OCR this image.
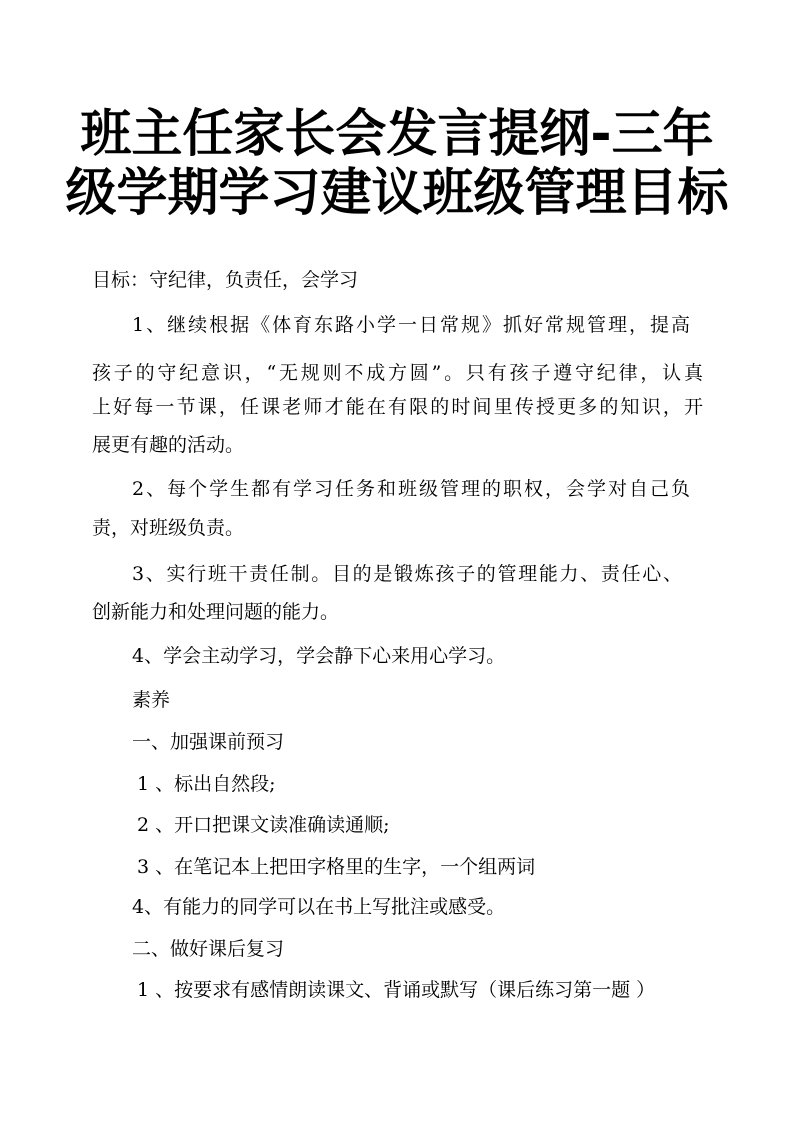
班主任家长会发言提纲-三年
级学期学习建议班级管理目标
目标：守纪律，负责任，会学习
1、继续根据《体育东路小学一日常规》抓好常规管理，提高
孩子的守纪意识，“无规则不成方圆”。只有孩子遵守纪律，认真
上好每一节课，任课老师才能在有限的时间里传授更多的知识，开
展更有趣的活动。
2、每个学生都有学习任务和班级管理的职权，会学对自己负
责，对班级负责。
3、实行班干责任制。目的是锻炼孩子的管理能力、责任心、
创新能力和处理问题的能力。
4、学会主动学习，学会静下心来用心学习。
素养
一、加强课前预习
1 、标出自然段;
2 、开口把课文读准确读通顺;
3 、在笔记本上把田字格里的生字，一个组两词
4、有能力的同学可以在书上写批注或感受。
二、做好课后复习
1 、按要求有感情朗读课文、背诵或默写（课后练习第一题 ）
